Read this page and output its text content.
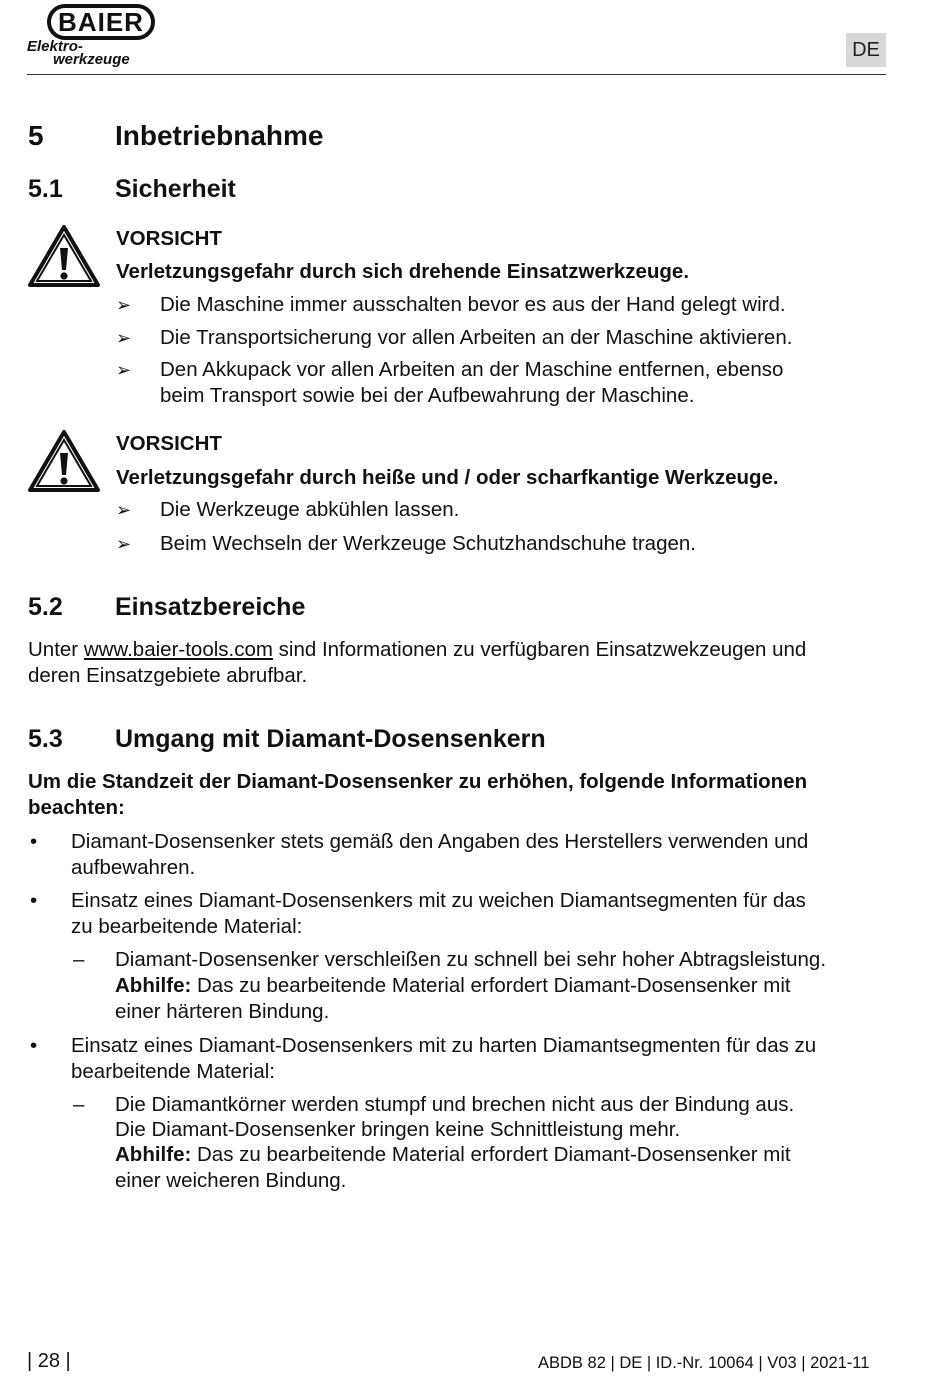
BAIER
Elektro-
werkzeuge	DE
5	Inbetriebnahme
5.1 Sicherheit
VORSICHT
Verletzungsgefahr durch sich drehende Einsatzwerkzeuge.
➢ Die Maschine immer ausschalten bevor es aus der Hand gelegt wird.
➢ Die Transportsicherung vor allen Arbeiten an der Maschine aktivieren.
➢ Den Akkupack vor allen Arbeiten an der Maschine entfernen, ebenso
beim Transport sowie bei der Aufbewahrung der Maschine.
VORSICHT
Verletzungsgefahr durch heiße und / oder scharfkantige Werkzeuge.
➢ Die Werkzeuge abkühlen lassen.
➢ Beim Wechseln der Werkzeuge Schutzhandschuhe tragen.
5.2 Einsatzbereiche
Unter www.baier-tools.com sind Informationen zu verfügbaren Einsatzwekzeugen und
deren Einsatzgebiete abrufbar.
5.3 Umgang mit Diamant-Dosensenkern
Um die Standzeit der Diamant-Dosensenker zu erhöhen, folgende Informationen
beachten:
• Diamant-Dosensenker stets gemäß den Angaben des Herstellers verwenden und
aufbewahren.
• Einsatz eines Diamant-Dosensenkers mit zu weichen Diamantsegmenten für das
zu bearbeitende Material:
– Diamant-Dosensenker verschleißen zu schnell bei sehr hoher Abtragsleistung.
Abhilfe: Das zu bearbeitende Material erfordert Diamant-Dosensenker mit
einer härteren Bindung.
• Einsatz eines Diamant-Dosensenkers mit zu harten Diamantsegmenten für das zu
bearbeitende Material:
– Die Diamantkörner werden stumpf und brechen nicht aus der Bindung aus.
Die Diamant-Dosensenker bringen keine Schnittleistung mehr.
Abhilfe: Das zu bearbeitende Material erfordert Diamant-Dosensenker mit
einer weicheren Bindung.
| 28 |	ABDB 82 | DE | ID.-Nr. 10064 | V03 | 2021-11
